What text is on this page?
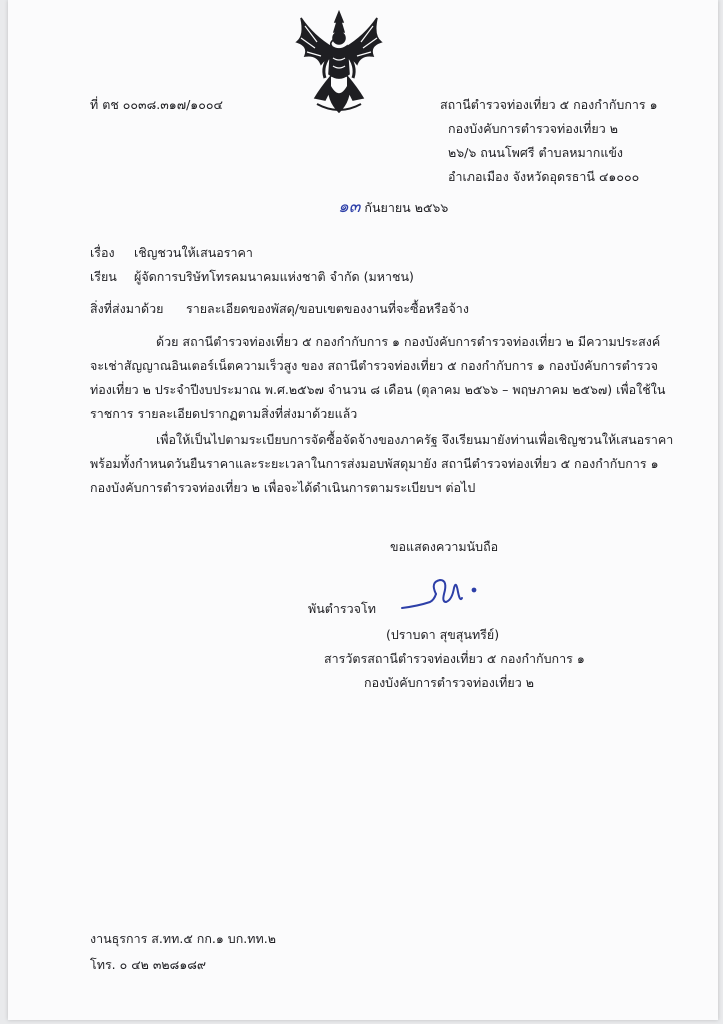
ที่ ตช ๐๐๓๘.๓๑๗/๑๐๐๔	สถานีตำรวจท่องเที่ยว ๕ กองกำกับการ ๑
กองบังคับการตำรวจท่องเที่ยว ๒
๒๖/๖ ถนนโพศรี ตำบลหมากแข้ง
อำเภอเมือง จังหวัดอุดรธานี ๔๑๐๐๐
๑๓ กันยายน ๒๕๖๖
เรื่อง เชิญชวนให้เสนอราคา
เรียน ผู้จัดการบริษัทโทรคมนาคมแห่งชาติ จำกัด (มหาชน)
สิ่งที่ส่งมาด้วย รายละเอียดของพัสดุ/ขอบเขตของงานที่จะซื้อหรือจ้าง
ด้วย สถานีตำรวจท่องเที่ยว ๕ กองกำกับการ ๑ กองบังคับการตำรวจท่องเที่ยว ๒ มีความประสงค์
จะเช่าสัญญาณอินเตอร์เน็ตความเร็วสูง ของ สถานีตำรวจท่องเที่ยว ๕ กองกำกับการ ๑ กองบังคับการตำรวจ
ท่องเที่ยว ๒ ประจำปีงบประมาณ พ.ศ.๒๕๖๗ จำนวน ๘ เดือน (ตุลาคม ๒๕๖๖ – พฤษภาคม ๒๕๖๗) เพื่อใช้ใน
ราชการ รายละเอียดปรากฏตามสิ่งที่ส่งมาด้วยแล้ว
เพื่อให้เป็นไปตามระเบียบการจัดซื้อจัดจ้างของภาครัฐ จึงเรียนมายังท่านเพื่อเชิญชวนให้เสนอราคา
พร้อมทั้งกำหนดวันยืนราคาและระยะเวลาในการส่งมอบพัสดุมายัง สถานีตำรวจท่องเที่ยว ๕ กองกำกับการ ๑
กองบังคับการตำรวจท่องเที่ยว ๒ เพื่อจะได้ดำเนินการตามระเบียบฯ ต่อไป
ขอแสดงความนับถือ
พันตำรวจโท
(ปราบดา สุขสุนทรีย์)
สารวัตรสถานีตำรวจท่องเที่ยว ๕ กองกำกับการ ๑
กองบังคับการตำรวจท่องเที่ยว ๒
งานธุรการ ส.ทท.๕ กก.๑ บก.ทท.๒
โทร. ๐ ๔๒ ๓๒๘๑๘๙
